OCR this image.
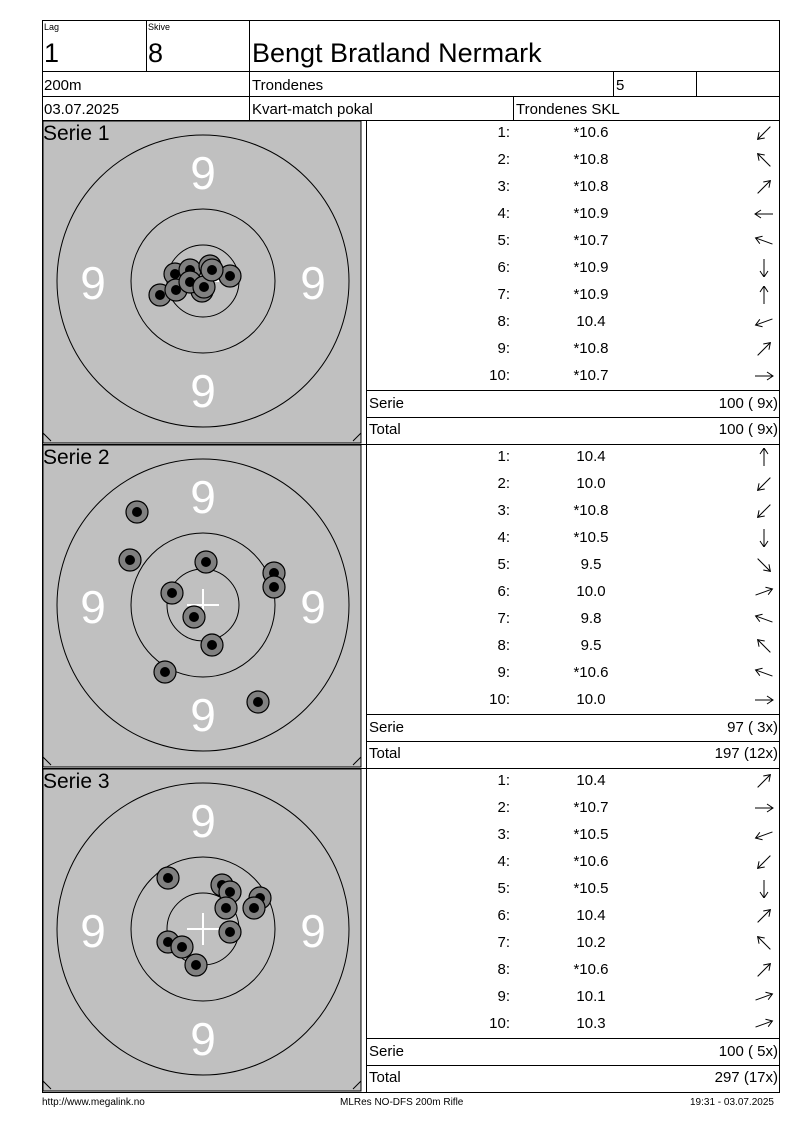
Lag
1
Skive
8	Bengt Bratland Nermark
200m	Trondenes	5
03.07.2025	Kvart-match pokal	Trondenes SKL
9
9	9
9
Serie 1	1:	*10.6
2:	*10.8
3:	*10.8
4:	*10.9
5:	*10.7
6:	*10.9
7:	*10.9
8:	10.4
9:	*10.8
10:	*10.7
Serie	100 ( 9x)
Total	100 ( 9x)
9
9	9
9
Serie 2	1:	10.4
2:	10.0
3:	*10.8
4:	*10.5
5:	9.5
6:	10.0
7:	9.8
8:	9.5
9:	*10.6
10:	10.0
Serie	97 ( 3x)
Total	197 (12x)
9
9	9
9
Serie 3	1:	10.4
2:	*10.7
3:	*10.5
4:	*10.6
5:	*10.5
6:	10.4
7:	10.2
8:	*10.6
9:	10.1
10:	10.3
Serie	100 ( 5x)
Total	297 (17x)
http://www.megalink.no	MLRes NO-DFS 200m Rifle	19:31 - 03.07.2025
